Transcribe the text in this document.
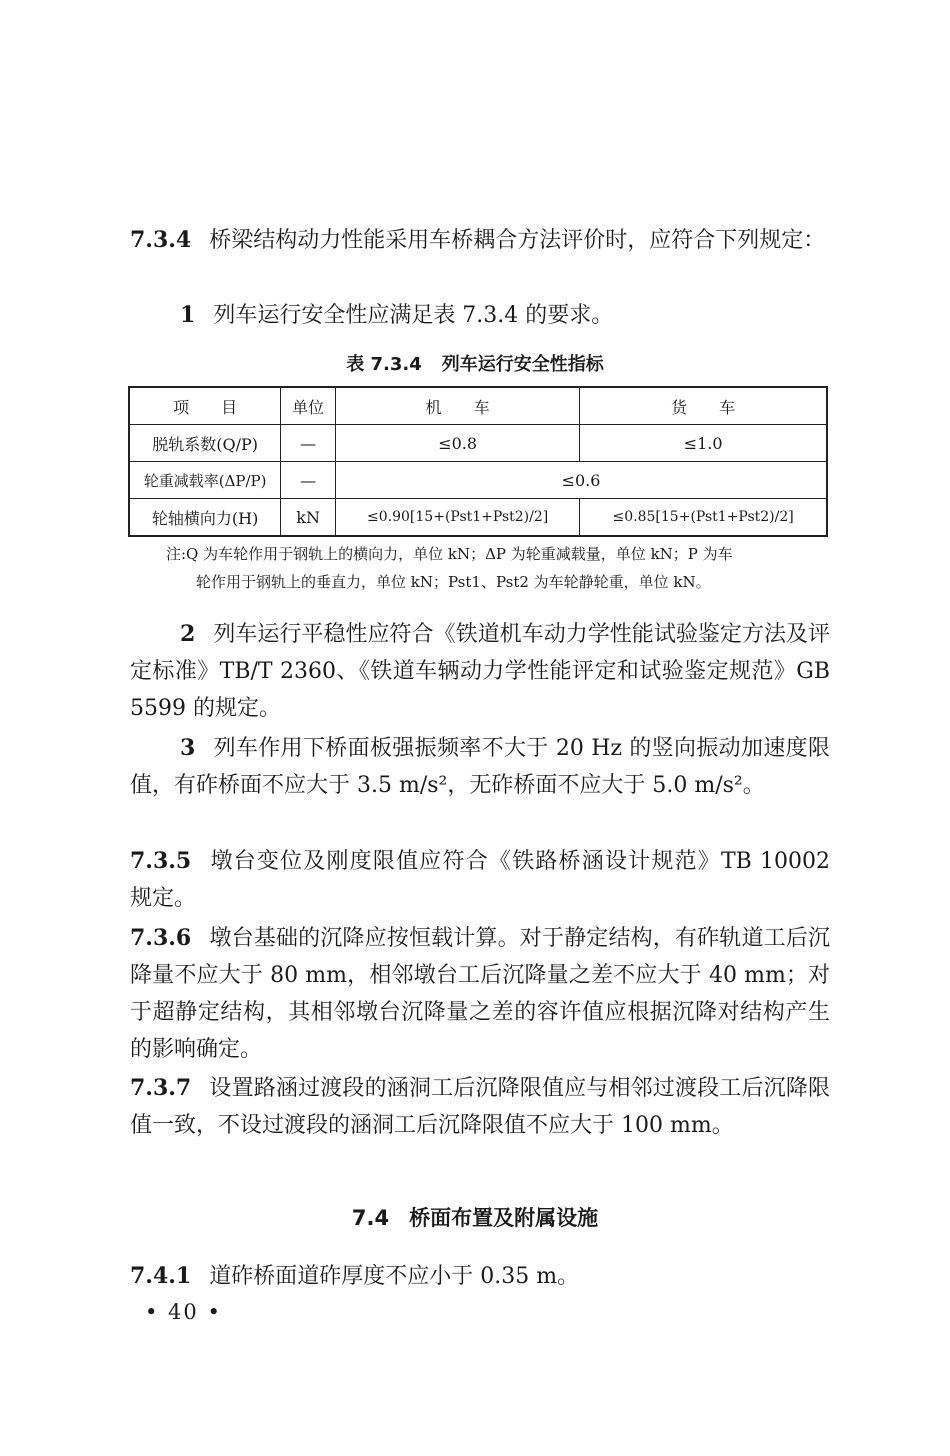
7.3.4 桥梁结构动力性能采用车桥耦合方法评价时，应符合下列规定：

1 列车运行安全性应满足表 7.3.4 的要求。

表 7.3.4 列车运行安全性指标
项　　目	单位	机　　车	货　　车
脱轨系数(Q/P)	—	≤0.8	≤1.0
轮重减载率(ΔP/P)	—	≤0.6	
轮轴横向力(H)	kN	≤0.90[15+(Pst1+Pst2)/2]	≤0.85[15+(Pst1+Pst2)/2]
注:Q 为车轮作用于钢轨上的横向力，单位 kN；ΔP 为轮重减载量，单位 kN；P 为车
轮作用于钢轨上的垂直力，单位 kN；Pst1、Pst2 为车轮静轮重，单位 kN。

2 列车运行平稳性应符合《铁道机车动力学性能试验鉴定方法及评定标准》TB/T 2360、《铁道车辆动力学性能评定和试验鉴定规范》GB 5599 的规定。

3 列车作用下桥面板强振频率不大于 20 Hz 的竖向振动加速度限值，有砟桥面不应大于 3.5 m/s²，无砟桥面不应大于 5.0 m/s²。

7.3.5 墩台变位及刚度限值应符合《铁路桥涵设计规范》TB 10002 规定。

7.3.6 墩台基础的沉降应按恒载计算。对于静定结构，有砟轨道工后沉降量不应大于 80 mm，相邻墩台工后沉降量之差不应大于 40 mm；对于超静定结构，其相邻墩台沉降量之差的容许值应根据沉降对结构产生的影响确定。

7.3.7 设置路涵过渡段的涵洞工后沉降限值应与相邻过渡段工后沉降限值一致，不设过渡段的涵洞工后沉降限值不应大于 100 mm。

7.4 桥面布置及附属设施

7.4.1 道砟桥面道砟厚度不应小于 0.35 m。

• 40 •
